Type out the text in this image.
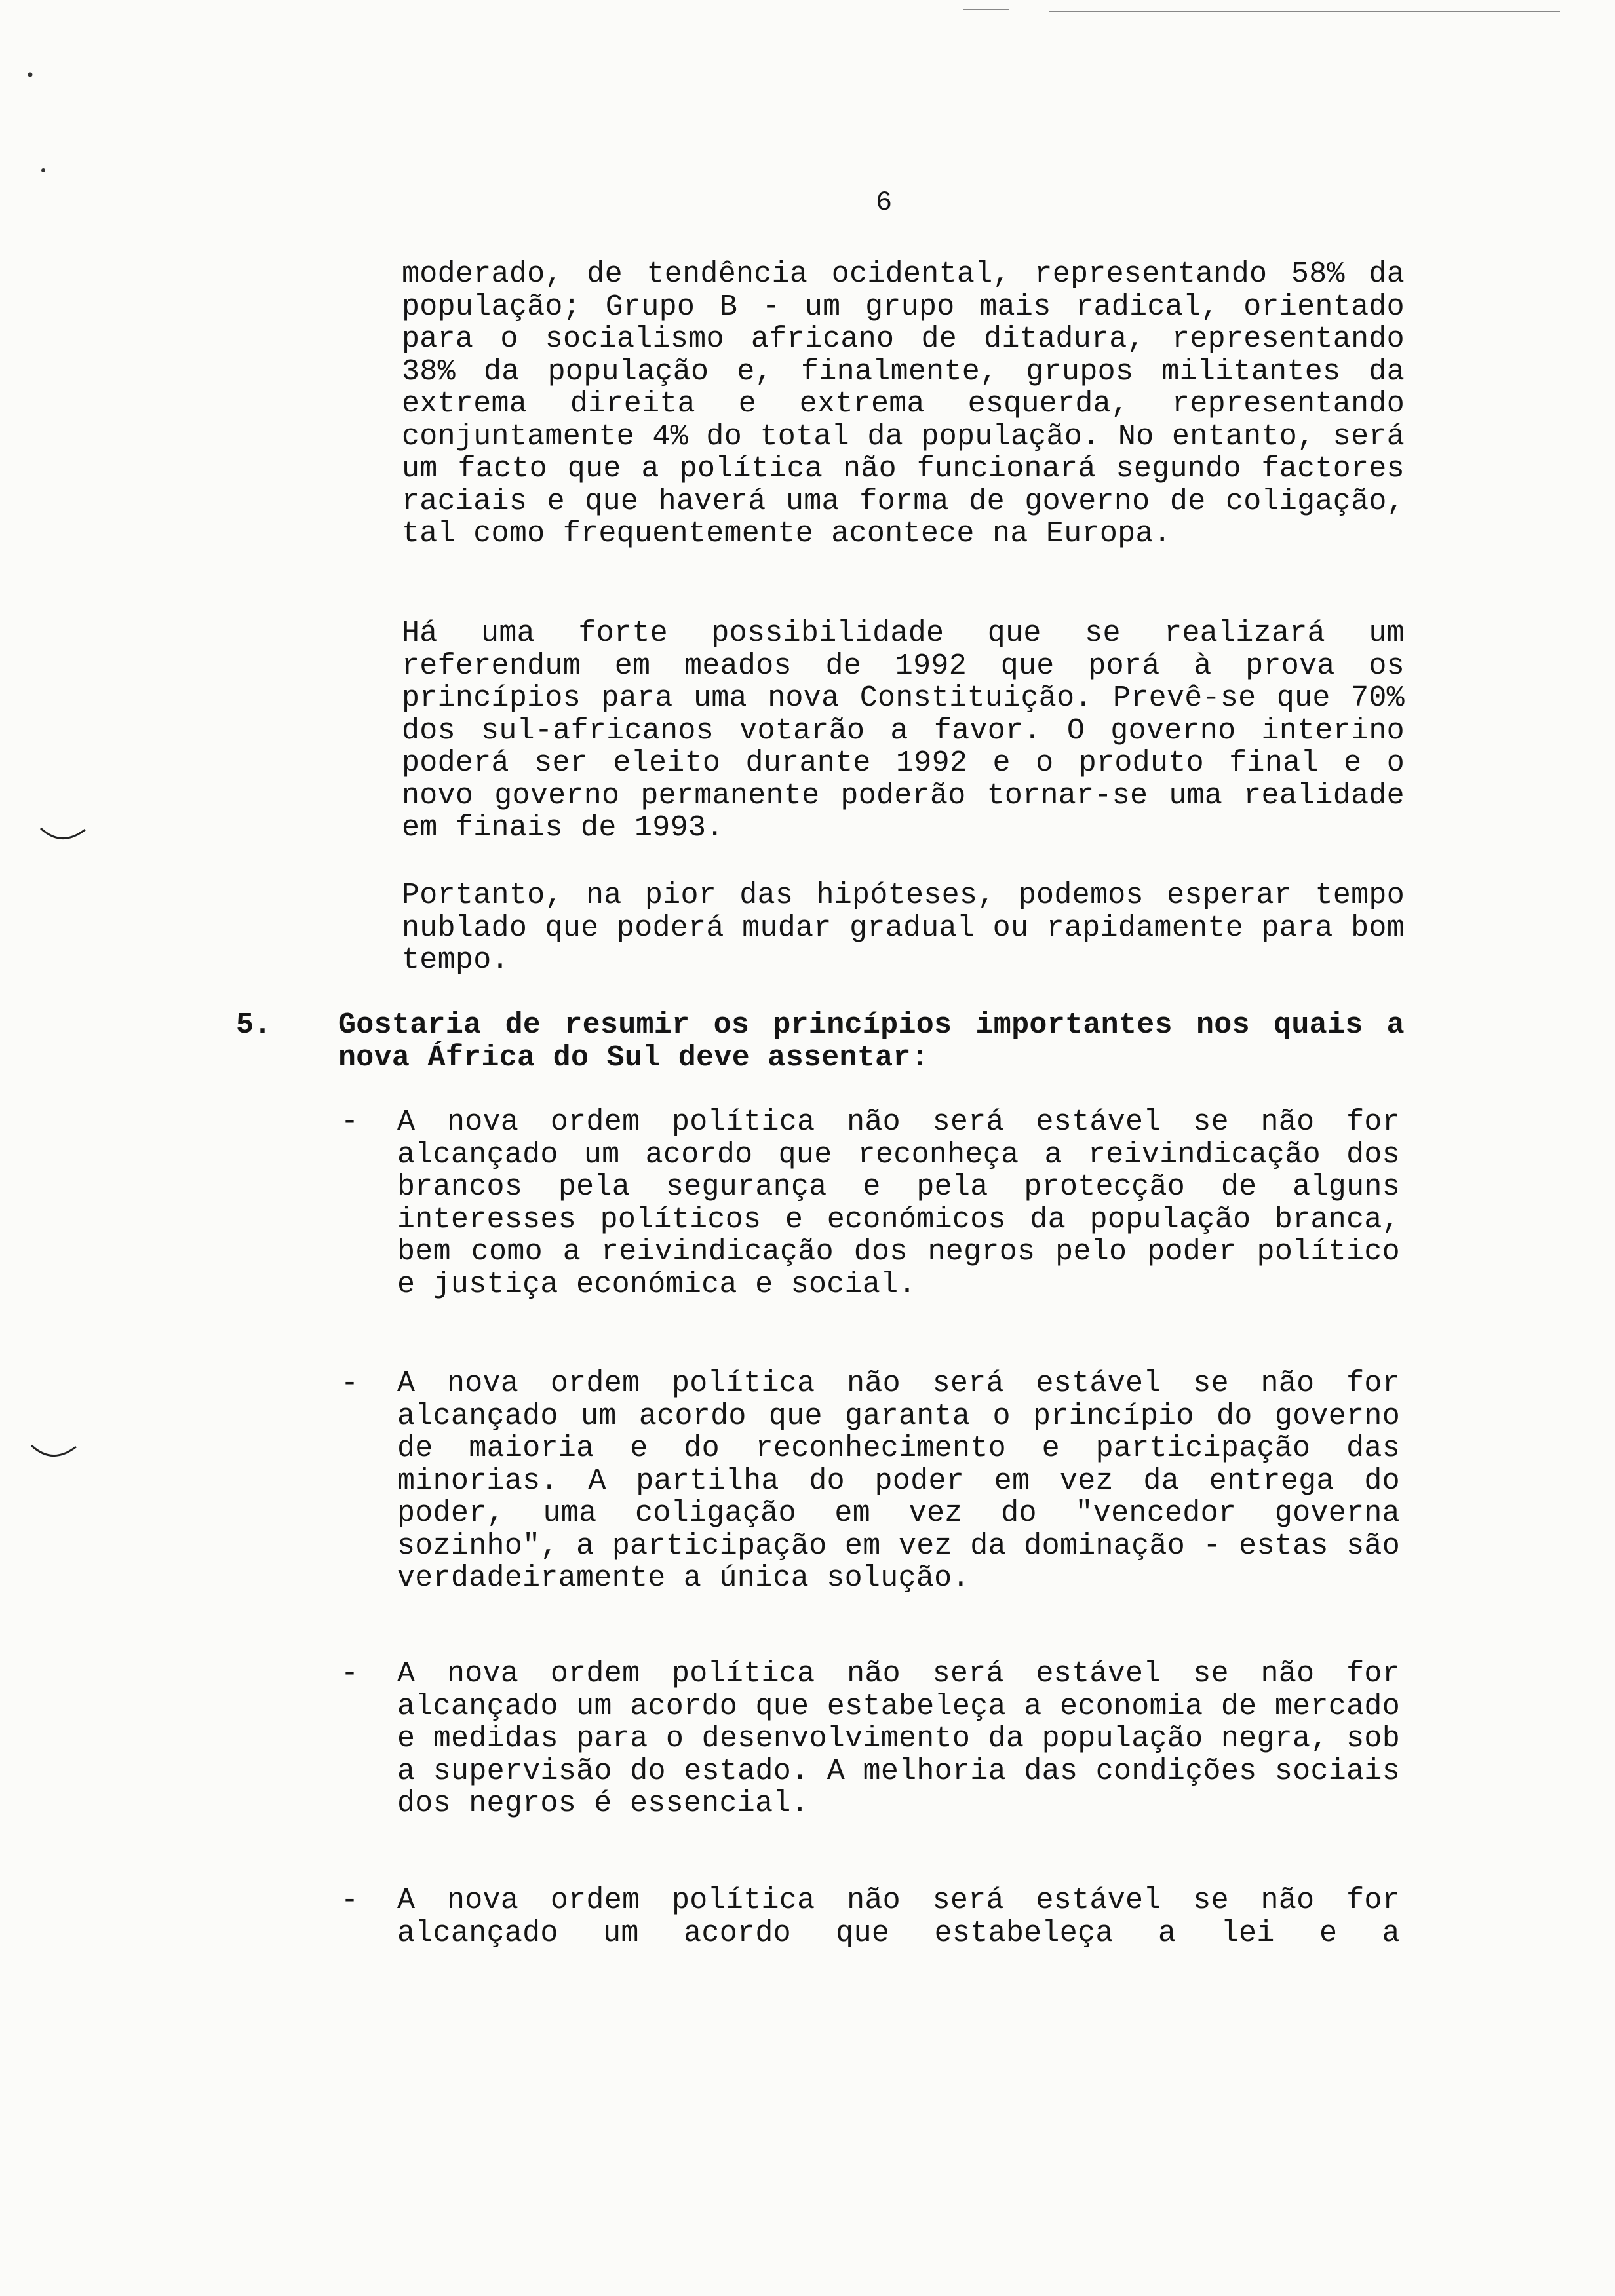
6
moderado, de tendência ocidental, representando 58% da população; Grupo B - um grupo mais radical, orientado para o socialismo africano de ditadura, representando 38% da população e, finalmente, grupos militantes da extrema direita e extrema esquerda, representando conjuntamente 4% do total da população. No entanto, será um facto que a política não funcionará segundo factores raciais e que haverá uma forma de governo de coligação, tal como frequentemente acontece na Europa.
Há uma forte possibilidade que se realizará um referendum em meados de 1992 que porá à prova os princípios para uma nova Constituição. Prevê-se que 70% dos sul-africanos votarão a favor. O governo interino poderá ser eleito durante 1992 e o produto final e o novo governo permanente poderão tornar-se uma realidade em finais de 1993.
Portanto, na pior das hipóteses, podemos esperar tempo nublado que poderá mudar gradual ou rapidamente para bom tempo.
5. Gostaria de resumir os princípios importantes nos quais a nova África do Sul deve assentar:
- A nova ordem política não será estável se não for alcançado um acordo que reconheça a reivindicação dos brancos pela segurança e pela protecção de alguns interesses políticos e económicos da população branca, bem como a reivindicação dos negros pelo poder político e justiça económica e social.
- A nova ordem política não será estável se não for alcançado um acordo que garanta o princípio do governo de maioria e do reconhecimento e participação das minorias. A partilha do poder em vez da entrega do poder, uma coligação em vez do "vencedor governa sozinho", a participação em vez da dominação - estas são verdadeiramente a única solução.
- A nova ordem política não será estável se não for alcançado um acordo que estabeleça a economia de mercado e medidas para o desenvolvimento da população negra, sob a supervisão do estado. A melhoria das condições sociais dos negros é essencial.
- A nova ordem política não será estável se não for alcançado um acordo que estabeleça a lei e a
